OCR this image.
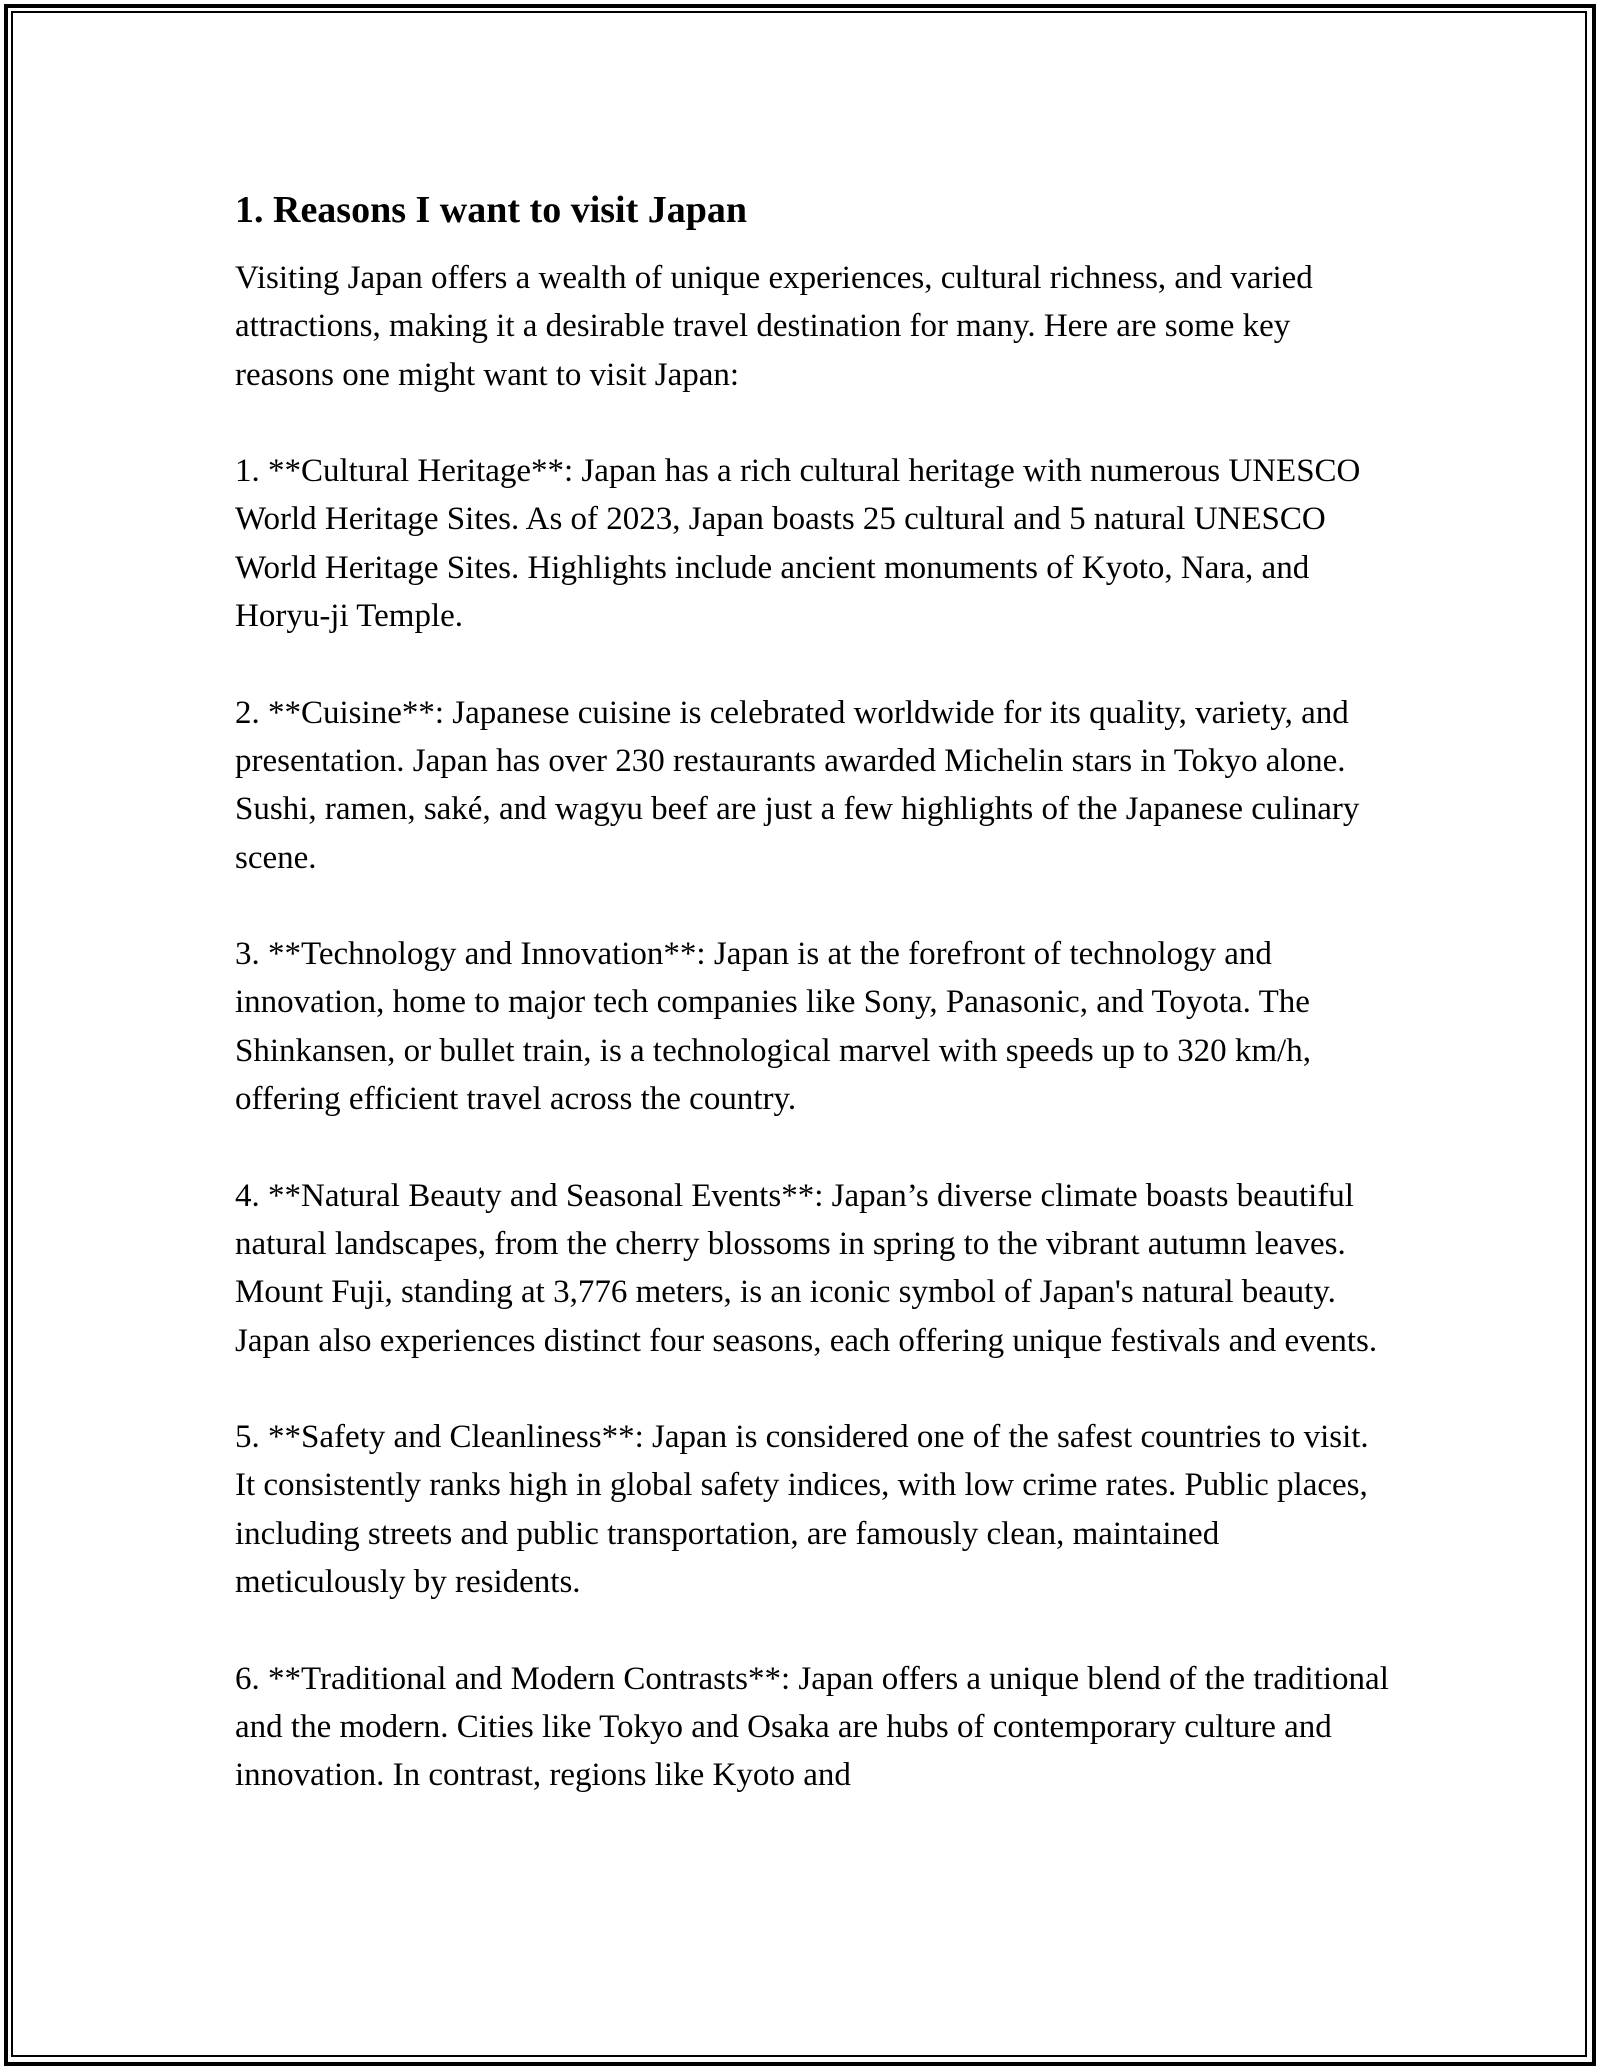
1. Reasons I want to visit Japan

Visiting Japan offers a wealth of unique experiences, cultural richness, and varied attractions, making it a desirable travel destination for many. Here are some key reasons one might want to visit Japan:

1. **Cultural Heritage**: Japan has a rich cultural heritage with numerous UNESCO World Heritage Sites. As of 2023, Japan boasts 25 cultural and 5 natural UNESCO World Heritage Sites. Highlights include ancient monuments of Kyoto, Nara, and Horyu-ji Temple.

2. **Cuisine**: Japanese cuisine is celebrated worldwide for its quality, variety, and presentation. Japan has over 230 restaurants awarded Michelin stars in Tokyo alone. Sushi, ramen, saké, and wagyu beef are just a few highlights of the Japanese culinary scene.

3. **Technology and Innovation**: Japan is at the forefront of technology and innovation, home to major tech companies like Sony, Panasonic, and Toyota. The Shinkansen, or bullet train, is a technological marvel with speeds up to 320 km/h, offering efficient travel across the country.

4. **Natural Beauty and Seasonal Events**: Japan’s diverse climate boasts beautiful natural landscapes, from the cherry blossoms in spring to the vibrant autumn leaves. Mount Fuji, standing at 3,776 meters, is an iconic symbol of Japan's natural beauty. Japan also experiences distinct four seasons, each offering unique festivals and events.

5. **Safety and Cleanliness**: Japan is considered one of the safest countries to visit. It consistently ranks high in global safety indices, with low crime rates. Public places, including streets and public transportation, are famously clean, maintained meticulously by residents.

6. **Traditional and Modern Contrasts**: Japan offers a unique blend of the traditional and the modern. Cities like Tokyo and Osaka are hubs of contemporary culture and innovation. In contrast, regions like Kyoto and
